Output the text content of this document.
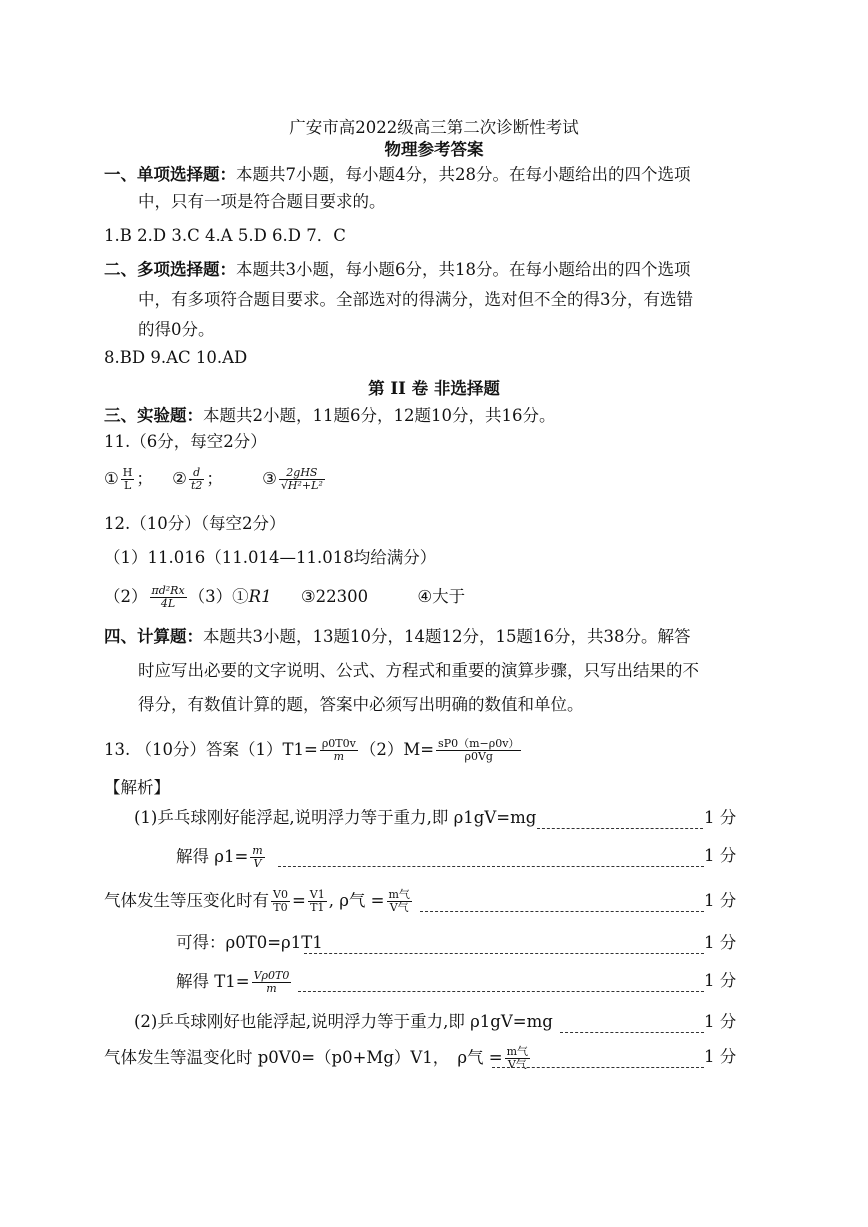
广安市高2022级高三第二次诊断性考试
物理参考答案
一、单项选择题：本题共7小题，每小题4分，共28分。在每小题给出的四个选项
中，只有一项是符合题目要求的。
1.B 2.D 3.C 4.A 5.D 6.D 7．C
二、多项选择题：本题共3小题，每小题6分，共18分。在每小题给出的四个选项
中，有多项符合题目要求。全部选对的得满分，选对但不全的得3分，有选错
的得0分。
8.BD 9.AC 10.AD
第 II 卷 非选择题
三、实验题：本题共2小题，11题6分，12题10分，共16分。
11.（6分，每空2分）
① $\frac{H}{L}$ ； ② $\frac{d}{t2}$ ； ③ $\frac{\text{2gHS}}{\text{√H²+L²}}$
12.（10分）（每空2分）
（1）11.016（11.014—11.018均给满分）
$(2) \frac{\text{πd²Rx}}{4L}$ （3）①R1 ③22300	④大于
四、计算题：本题共3小题，13题10分，14题12分，15题16分，共38分。解答
时应写出必要的文字说明、公式、方程式和重要的演算步骤，只写出结果的不
得分，有数值计算的题，答案中必须写出明确的数值和单位。
13. （10分）答案$(1)T1= \frac{\rho 0T0v}{m} (2)M= \frac{sP0(m-\rho 0v)}{\rho 0Vg}$
【解析】
(1)乒乓球刚好能浮起,说明浮力等于重力,即 ρ1gV=mg	1 分
解得 $\rho 1= \frac{m}{V}$	1 分
气体发生等压变化时有 $\frac{V0}{T0} = \frac{V1}{T1}$ , ρ气 = $\frac{\text{m气}}{\text{V气}}$	1 分
可得：ρ0T0=ρ1T1	1 分
解得 $T1= \frac{V\rho 0T0}{m}$	1 分
(2)乒乓球刚好也能浮起,说明浮力等于重力,即 ρ1gV=mg	1 分
气体发生等温变化时 p0V0=（p0+Mg）V1， ρ气 = $\frac{\text{m气}}{\text{V气}}$	1 分
